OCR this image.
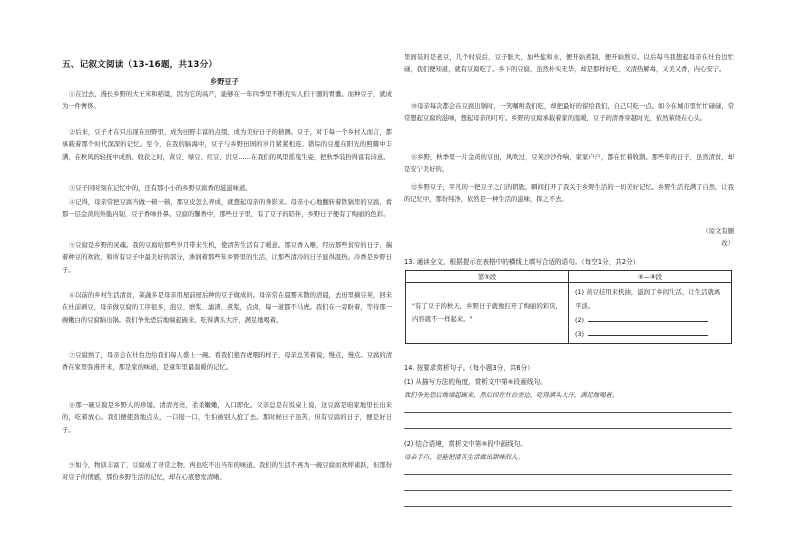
五、记叙文阅读（13-16题，共13分）
乡野豆子
①在过去，漫长乡野的大王米和稻粱，因为它的高产，能够在一年四季里不断充实人们干涸的胃囊。而种豆子，就成为一件奢侈。
②后来，豆子才在只出现在田野里，成为田野丰富的点缀，成为美好日子的猜测。豆子，对于每一个乡村人而言，都承载着那个时代深深的记忆。至今，在我的脑海中，豆子与乡野田园的岁月紧紧相连。错综的豆蔓在阳光的照耀中丰满，在秋风的轻抚中成熟。收获之时，黄豆、绿豆、红豆、豇豆……在我们的风里摇曳生姿，把秋季装扮得富有诗意。
③豆子同时刻在记忆中的，还有那小小的乡野豆腐香的滋滋味道。
④记得，母亲常把豆腐当做一顿一顿，那豆皮怎么弄成，就想起母亲的身影来。母亲小心地翻转着铁锅里的豆腐，看那一层金黄的外脆内韧，豆子香味扑鼻。豆腐的馨香中，那些日子里，有了豆子的陪伴，乡野日子便有了绚丽的色彩。
⑤豆腐是乡野的灵魂。我的豆腐给那些岁月带来生机，使清苦生活有了暖意。那豆香入喉，经历那些贫穷的日子，揣着种豆的欢欣，和所有豆子中最美好的部分，渗润着那些年乡野里的生活，让那些清冷的日子显得温热。冷香是乡野日子。
⑥以前的乡村生活清贫，菜蔬多是母亲用屋前屋后种的豆子做成的。母亲常在晨雾未散的清晨，去田里摘豆荚，回来在灶前剥豆，母亲做豆腐的工序很多，泡豆、磨浆、滤渣、煮浆，点卤，每一道都不马虎。我们在一旁盼着，等待那一碗嫩白的豆腐脑出锅。我们争先恐后地端起碗来，吃得满头大汗，满足地喝着。
⑦豆腐熟了，母亲会在灶台边给我们每人盛上一碗。看我们狼吞虎咽的样子，母亲总笑着说，慢点，慢点。豆腐的清香在家里弥漫开来，那是家的味道，是童年里最温暖的记忆。
⑧那一碗豆腐是乡野人的珍馐。清清亮亮，柔柔嫩嫩，入口即化。父亲总是在饭桌上说，这豆腐是咱家地里长出来的，吃着放心。我们便使劲地点头，一口接一口，生怕被别人抢了去。那时候日子虽苦，但有豆腐的日子，便是好日子。
⑨如今，物质丰富了，豆腐成了寻常之物，再也吃不出当年的味道。我们的生活不再为一碗豆腐而欢呼雀跃，但那份对豆子的情感，那份乡野生活的记忆，却在心底愈发清晰。
里面装的是老豆，几个时辰后，豆子胀大，加些盐和水，便开始煮制，便开始熬豆。以后每当我想起母亲在灶台边忙碌，我们便知道，就有豆腐吃了。乡下的豆腐，虽然朴实无华，却是那样好吃，又清热解毒，又美又香，内心安宁。
⑩母亲每次都会在豆腐出锅时，一笑嘱咐我们吃，却把最好的留给我们，自己只吃一点。如今在城市里忙忙碌碌，常常想起豆腐的滋味，想起母亲的叮咛。乡野的豆腐承载着家的温暖，豆子的清香穿越时光，依然萦绕在心头。
⑪乡野，秋季里一片金黄的豆田，风吹过，豆荚沙沙作响，家家户户，都在忙着收割。那些年的日子，虽然清贫，却是安宁美好的。
⑫乡野豆子，平凡的一把豆子之门的钥匙，瞬间打开了我关于乡野生活的一切美好记忆。乡野生活充满了自然，让我的记忆中，那份纯净，依然是一种生活的滋味，挥之不去。
（原文有删改）
13. 通读全文，根据提示在表格中的横线上填写合适的语句。（每空1分，共2分）
第⑤段	⑤—⑨段
"有了豆子的秋天，乡野日子就像打开了绚丽的彩页，内容就不一样起来。"	(1) 黄豆挂用来机油，滋润了乡间生活，让生活就离平淡。
(2)
(3)
14. 按要求赏析句子。（每小题3分，共6分）
(1) 从描写方法的角度，赏析文中第⑥段画线句。
我们争先恐后地端起碗来，然后因在灶台旁边，吃得满头大汗，满足地喝着。
(2) 结合语境，赏析文中第⑨段中画线句。
母亲手巧，是能把清苦生活做出甜味的人。
